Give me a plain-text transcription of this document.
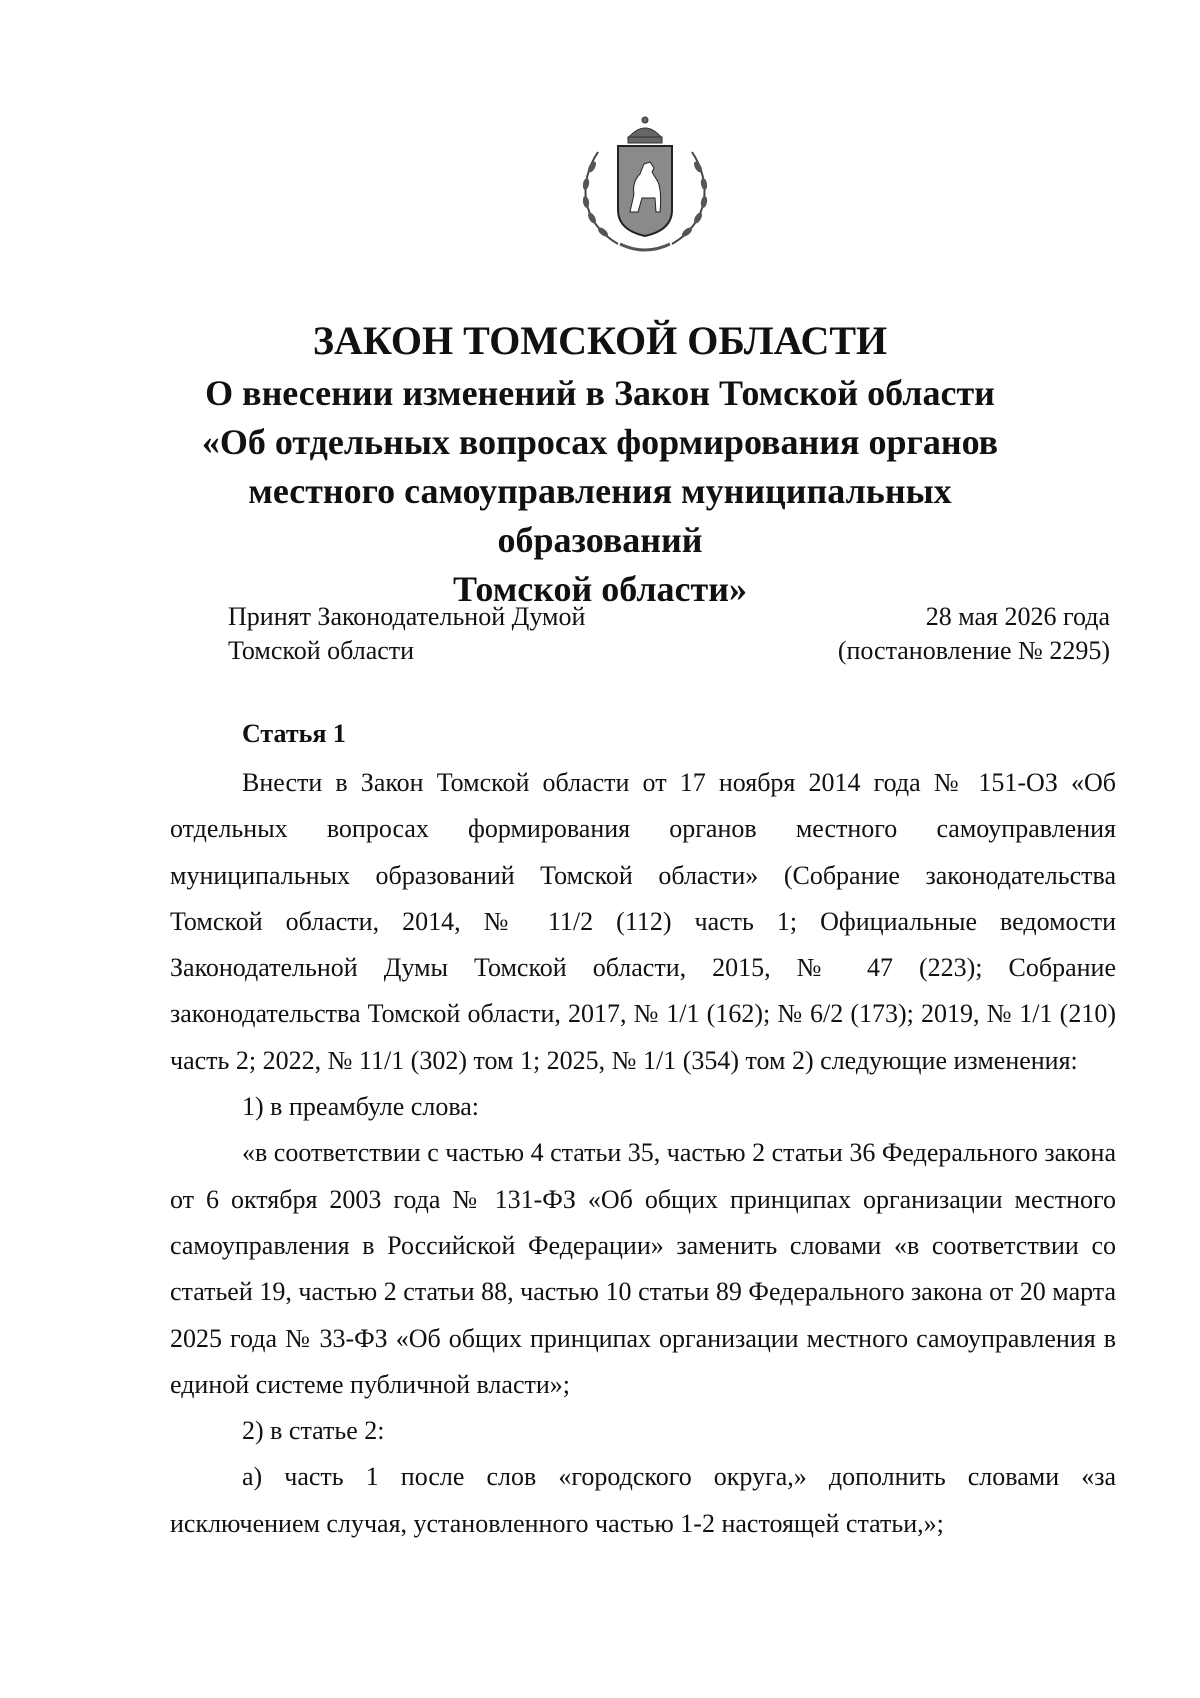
ЗАКОН ТОМСКОЙ ОБЛАСТИ
О внесении изменений в Закон Томской области
«Об отдельных вопросах формирования органов
местного самоуправления муниципальных образований
Томской области»
Принят Законодательной Думой
Томской области
28 мая 2026 года
(постановление № 2295)
Статья 1

Внести в Закон Томской области от 17 ноября 2014 года № 151-ОЗ «Об отдельных вопросах формирования органов местного самоуправления муниципальных образований Томской области» (Собрание законодательства Томской области, 2014, № 11/2 (112) часть 1; Официальные ведомости Законодательной Думы Томской области, 2015, № 47 (223); Собрание законодательства Томской области, 2017, № 1/1 (162); № 6/2 (173); 2019, № 1/1 (210) часть 2; 2022, № 11/1 (302) том 1; 2025, № 1/1 (354) том 2) следующие изменения:

1) в преамбуле слова:

«в соответствии с частью 4 статьи 35, частью 2 статьи 36 Федерального закона от 6 октября 2003 года № 131-ФЗ «Об общих принципах организации местного самоуправления в Российской Федерации» заменить словами «в соответствии со статьей 19, частью 2 статьи 88, частью 10 статьи 89 Федерального закона от 20 марта 2025 года № 33-ФЗ «Об общих принципах организации местного самоуправления в единой системе публичной власти»;

2) в статье 2:

а) часть 1 после слов «городского округа,» дополнить словами «за исключением случая, установленного частью 1-2 настоящей статьи,»;
